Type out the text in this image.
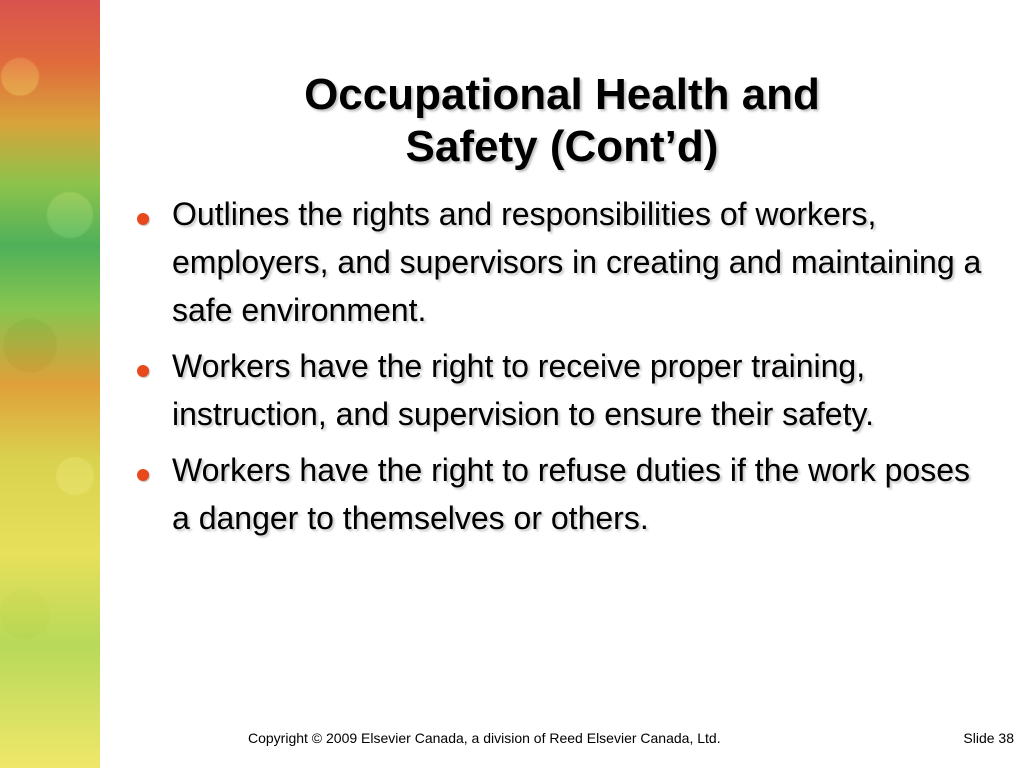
Occupational Health and
Safety (Cont’d)
Outlines the rights and responsibilities of workers, employers, and supervisors in creating and maintaining a safe environment.
Workers have the right to receive proper training, instruction, and supervision to ensure their safety.
Workers have the right to refuse duties if the work poses a danger to themselves or others.
Copyright © 2009 Elsevier Canada, a division of Reed Elsevier Canada, Ltd.	Slide 38
